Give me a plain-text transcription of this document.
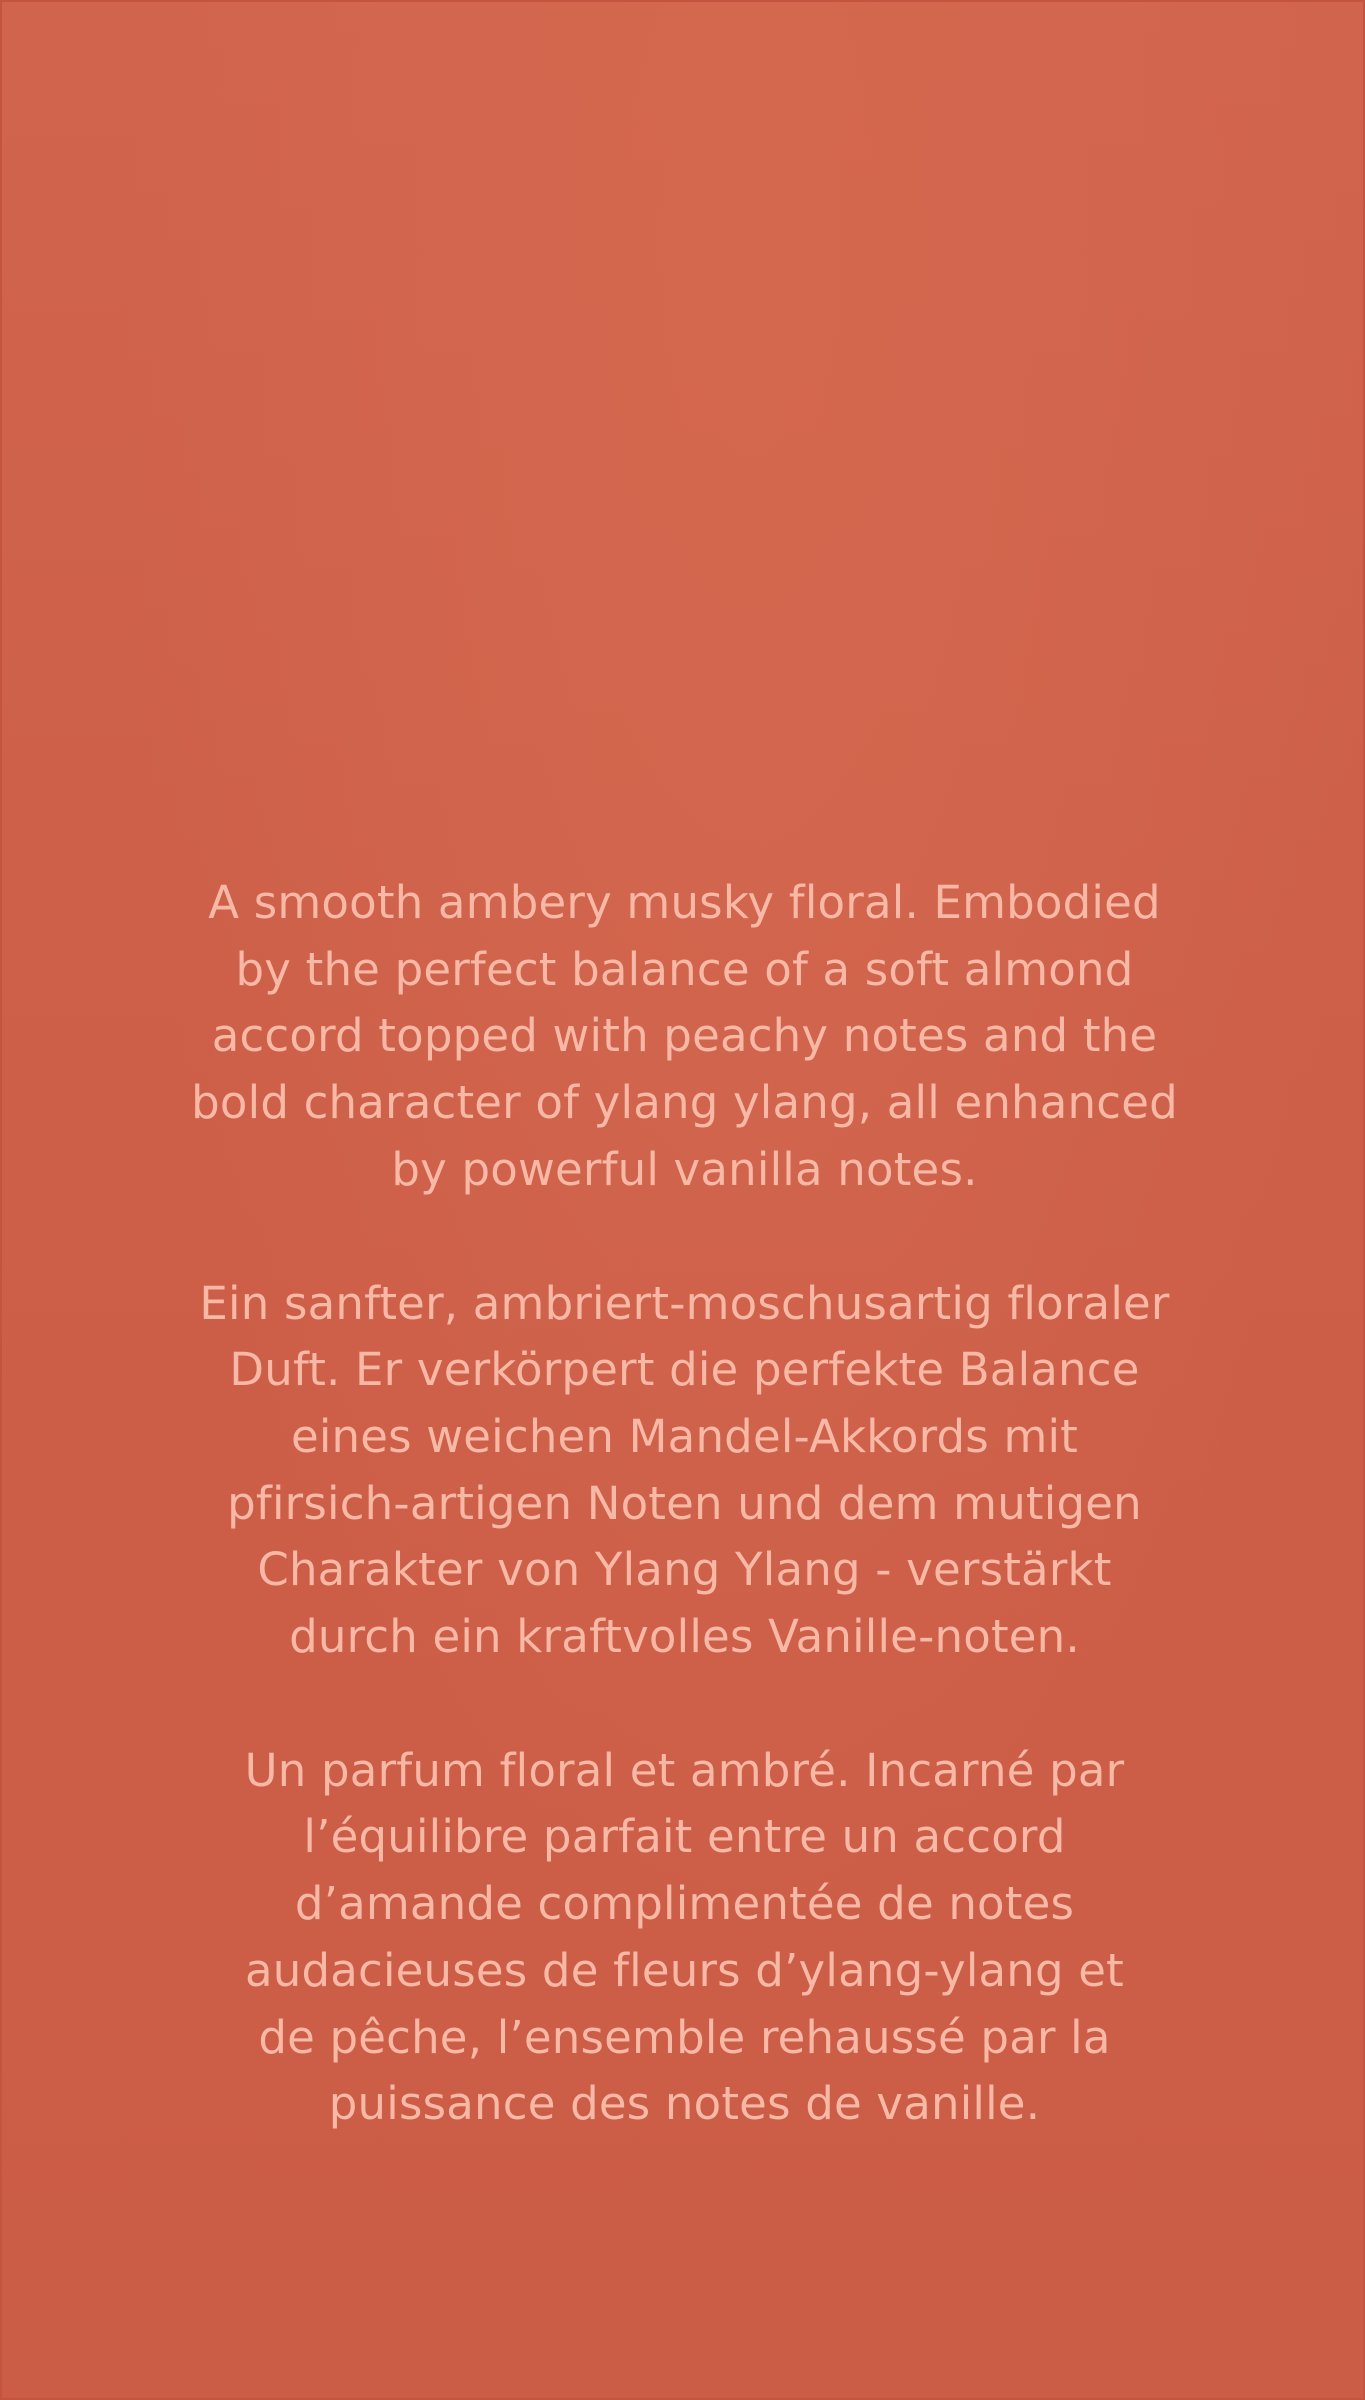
A smooth ambery musky floral. Embodied

by the perfect balance of a soft almond

accord topped with peachy notes and the

bold character of ylang ylang, all enhanced

by powerful vanilla notes.

Ein sanfter, ambriert-moschusartig floraler

Duft. Er verkörpert die perfekte Balance

eines weichen Mandel-Akkords mit

pfirsich-artigen Noten und dem mutigen

Charakter von Ylang Ylang - verstärkt

durch ein kraftvolles Vanille-noten.

Un parfum floral et ambré. Incarné par

l’équilibre parfait entre un accord

d’amande complimentée de notes

audacieuses de fleurs d’ylang-ylang et

de pêche, l’ensemble rehaussé par la

puissance des notes de vanille.
